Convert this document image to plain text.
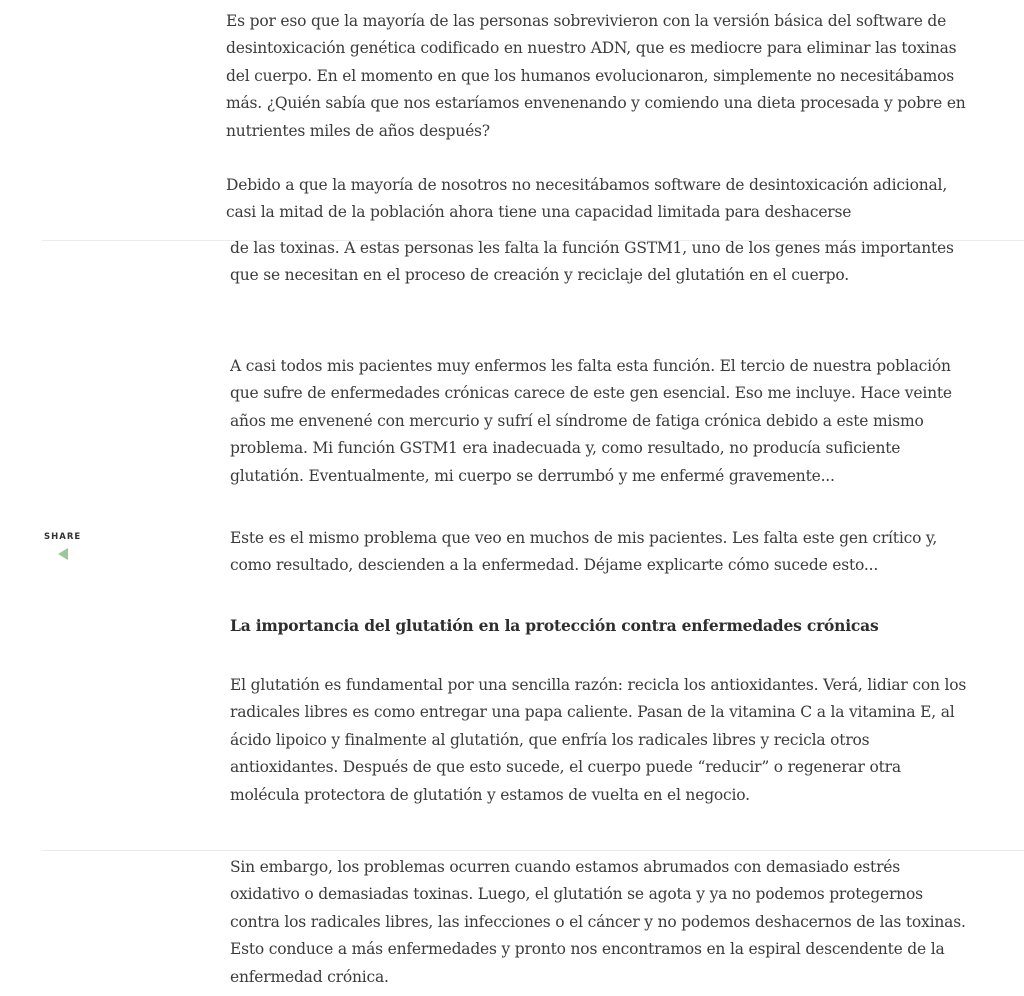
Es por eso que la mayoría de las personas sobrevivieron con la versión básica del software de desintoxicación genética codificado en nuestro ADN, que es mediocre para eliminar las toxinas del cuerpo. En el momento en que los humanos evolucionaron, simplemente no necesitábamos más. ¿Quién sabía que nos estaríamos envenenando y comiendo una dieta procesada y pobre en nutrientes miles de años después?

Debido a que la mayoría de nosotros no necesitábamos software de desintoxicación adicional, casi la mitad de la población ahora tiene una capacidad limitada para deshacerse

de las toxinas. A estas personas les falta la función GSTM1, uno de los genes más importantes que se necesitan en el proceso de creación y reciclaje del glutatión en el cuerpo.

A casi todos mis pacientes muy enfermos les falta esta función. El tercio de nuestra población que sufre de enfermedades crónicas carece de este gen esencial. Eso me incluye. Hace veinte años me envenené con mercurio y sufrí el síndrome de fatiga crónica debido a este mismo problema. Mi función GSTM1 era inadecuada y, como resultado, no producía suficiente glutatión. Eventualmente, mi cuerpo se derrumbó y me enfermé gravemente...

Este es el mismo problema que veo en muchos de mis pacientes. Les falta este gen crítico y, como resultado, descienden a la enfermedad. Déjame explicarte cómo sucede esto...

La importancia del glutatión en la protección contra enfermedades crónicas

El glutatión es fundamental por una sencilla razón: recicla los antioxidantes. Verá, lidiar con los radicales libres es como entregar una papa caliente. Pasan de la vitamina C a la vitamina E, al ácido lipoico y finalmente al glutatión, que enfría los radicales libres y recicla otros antioxidantes. Después de que esto sucede, el cuerpo puede “reducir” o regenerar otra molécula protectora de glutatión y estamos de vuelta en el negocio.

SHARE

Sin embargo, los problemas ocurren cuando estamos abrumados con demasiado estrés oxidativo o demasiadas toxinas. Luego, el glutatión se agota y ya no podemos protegernos contra los radicales libres, las infecciones o el cáncer y no podemos deshacernos de las toxinas. Esto conduce a más enfermedades y pronto nos encontramos en la espiral descendente de la enfermedad crónica.
